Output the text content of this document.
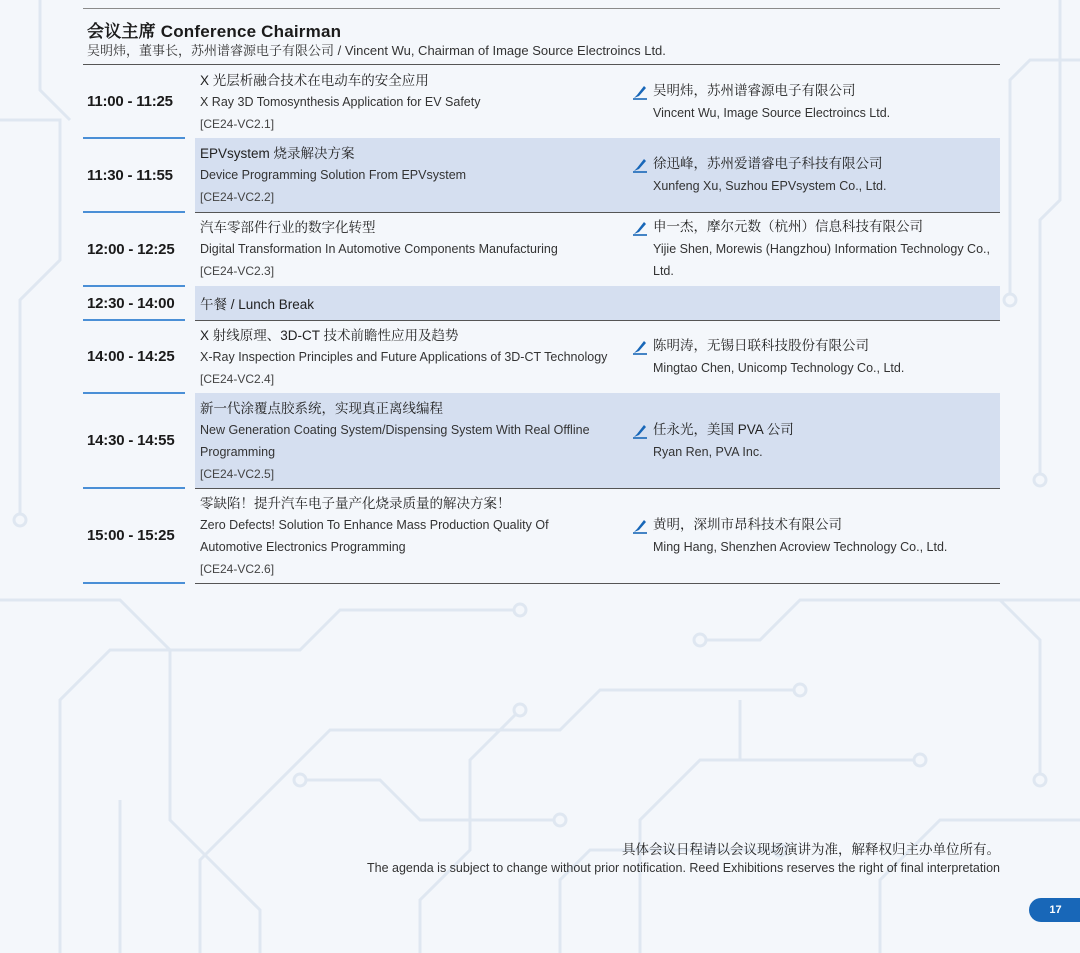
会议主席 Conference Chairman
吴明炜，董事长，苏州谱睿源电子有限公司 / Vincent Wu, Chairman of Image Source Electroincs Ltd.
11:00 - 11:25
X 光层析融合技术在电动车的安全应用
X Ray 3D Tomosynthesis Application for EV Safety
[CE24-VC2.1]
吴明炜，苏州谱睿源电子有限公司
Vincent Wu, Image Source Electroincs Ltd.
11:30 - 11:55
EPVsystem 烧录解决方案
Device Programming Solution From EPVsystem
[CE24-VC2.2]
徐迅峰，苏州爱谱睿电子科技有限公司
Xunfeng Xu, Suzhou EPVsystem Co., Ltd.
12:00 - 12:25
汽车零部件行业的数字化转型
Digital Transformation In Automotive Components Manufacturing
[CE24-VC2.3]
申一杰，摩尔元数（杭州）信息科技有限公司
Yijie Shen, Morewis (Hangzhou) Information Technology Co., Ltd.
12:30 - 14:00	午餐 / Lunch Break
14:00 - 14:25
X 射线原理、3D-CT 技术前瞻性应用及趋势
X-Ray Inspection Principles and Future Applications of 3D-CT Technology
[CE24-VC2.4]
陈明涛，无锡日联科技股份有限公司
Mingtao Chen, Unicomp Technology Co., Ltd.
14:30 - 14:55
新一代涂覆点胶系统，实现真正离线编程
New Generation Coating System/Dispensing System With Real Offline Programming
[CE24-VC2.5]
任永光，美国 PVA 公司
Ryan Ren, PVA Inc.
15:00 - 15:25
零缺陷！提升汽车电子量产化烧录质量的解决方案！
Zero Defects! Solution To Enhance Mass Production Quality Of Automotive Electronics Programming
[CE24-VC2.6]
黄明，深圳市昂科技术有限公司
Ming Hang, Shenzhen Acroview Technology Co., Ltd.
具体会议日程请以会议现场演讲为准，解释权归主办单位所有。
The agenda is subject to change without prior notification. Reed Exhibitions reserves the right of final interpretation
17
